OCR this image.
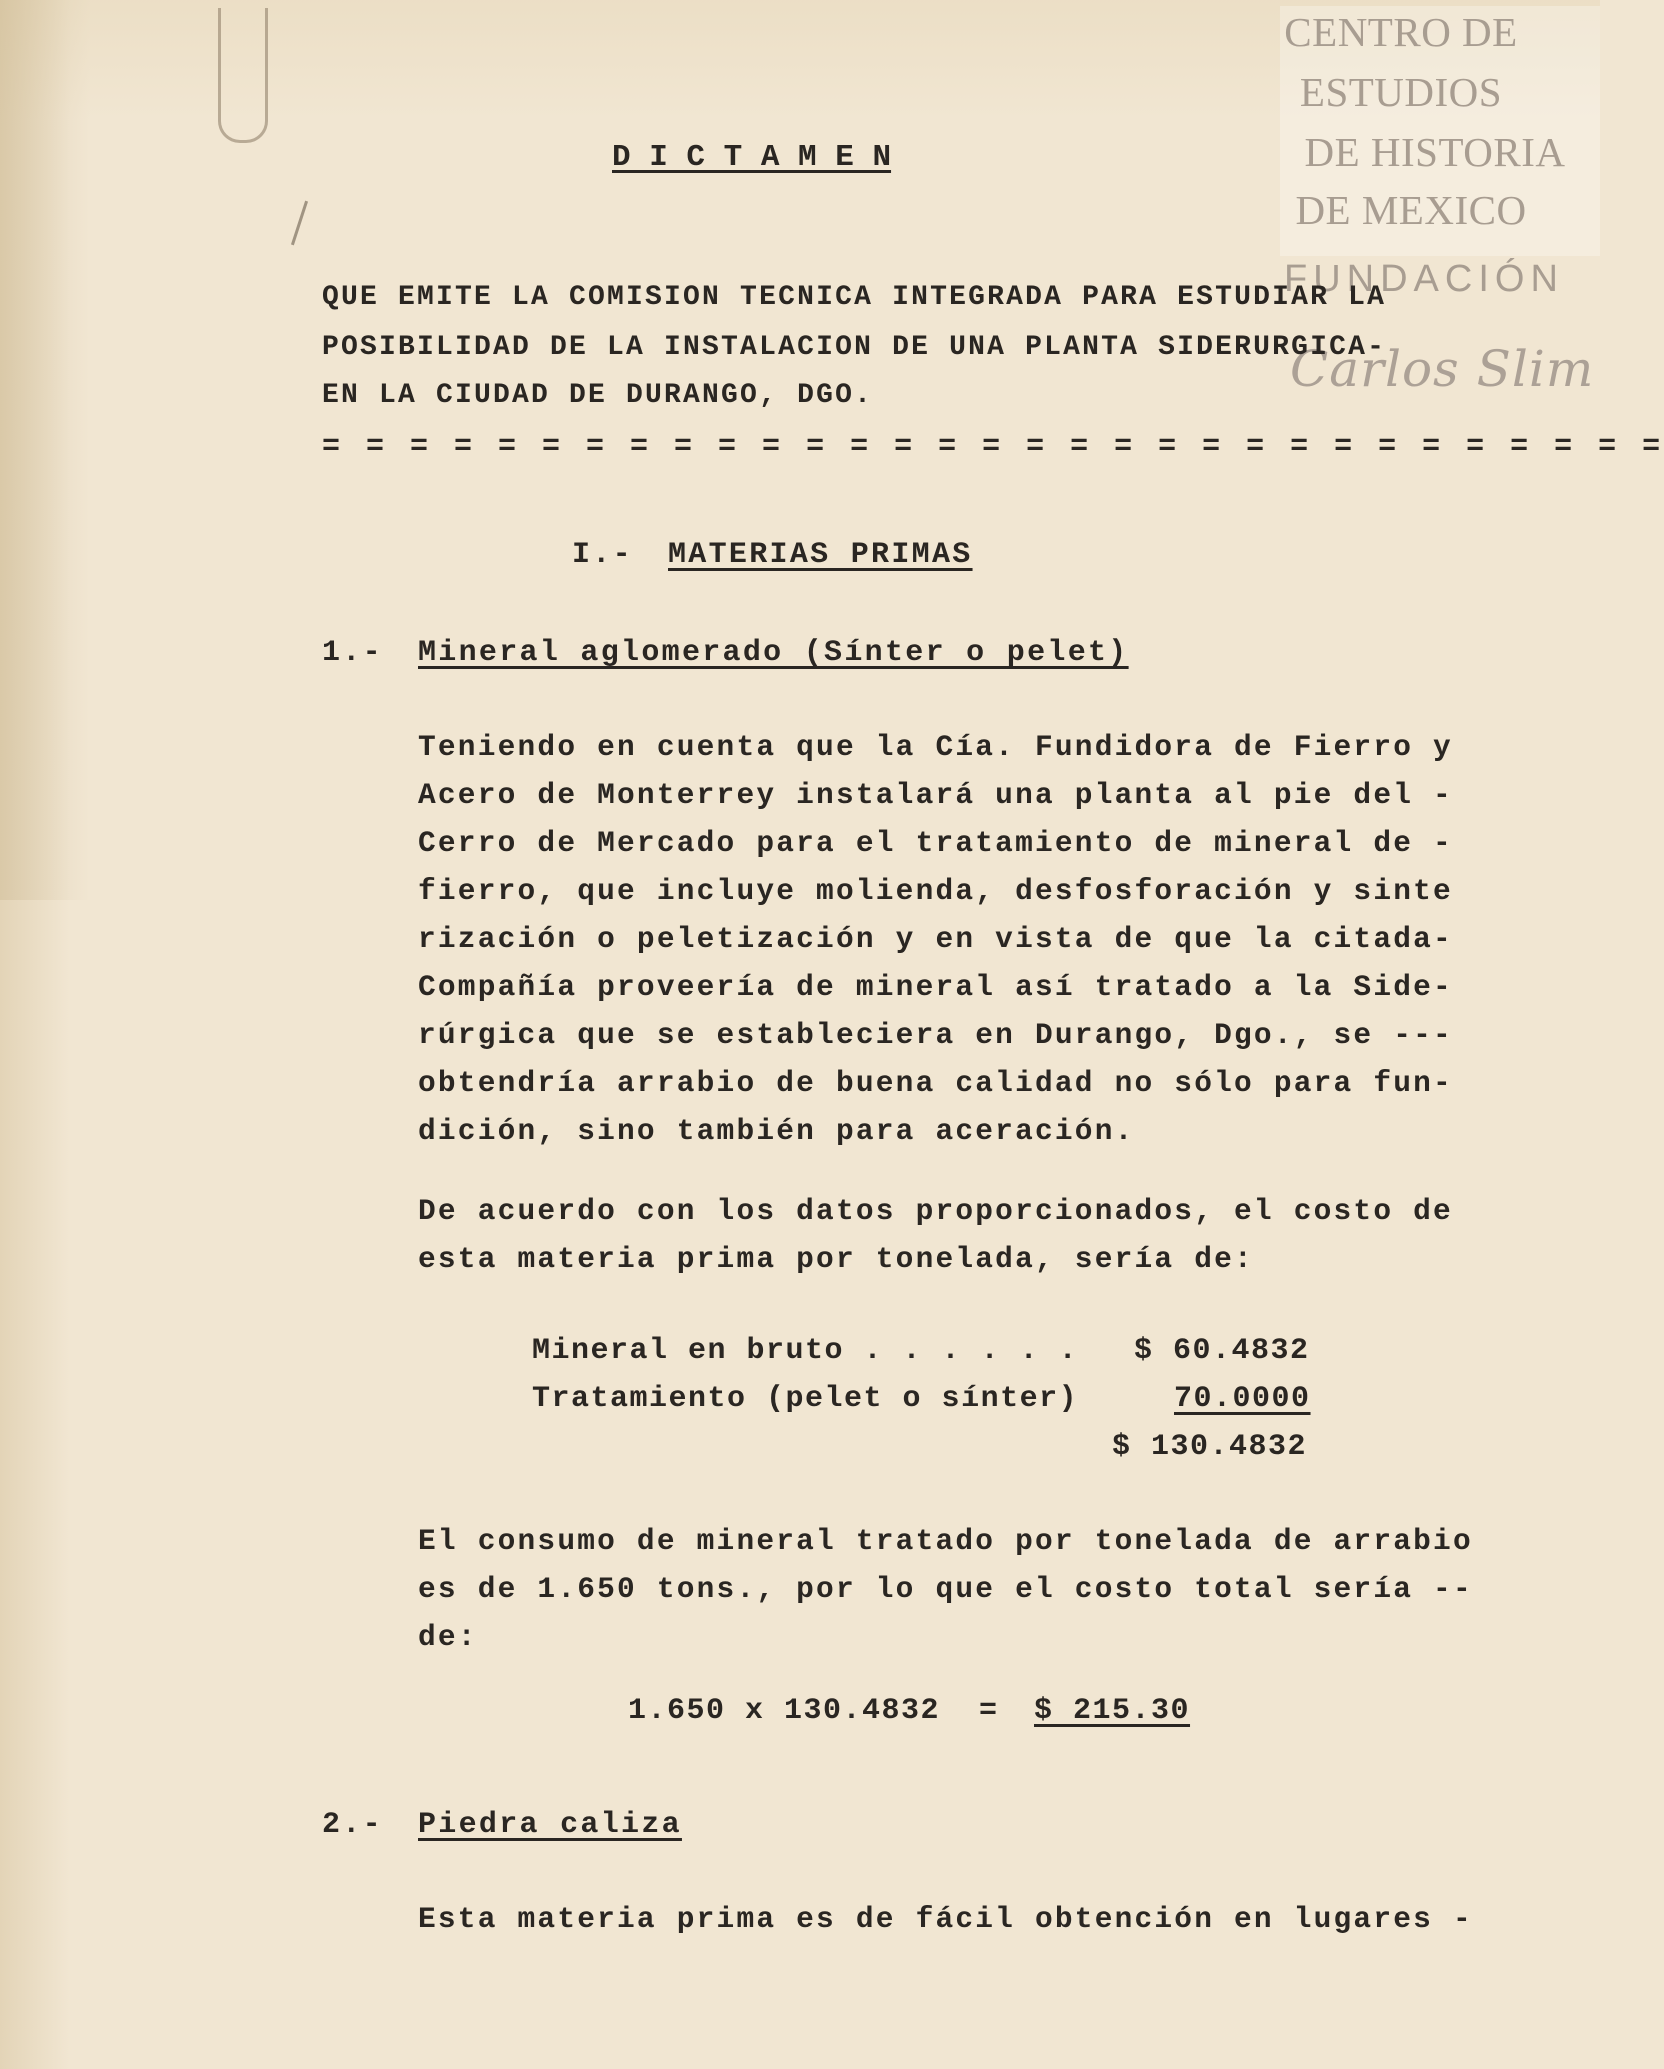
CENTRO DE
ESTUDIOS
DE HISTORIA
DE MEXICO
FUNDACIÓN
Carlos Slim
D I C T A M E N
QUE EMITE LA COMISION TECNICA INTEGRADA PARA ESTUDIAR LA
POSIBILIDAD DE LA INSTALACION DE UNA PLANTA SIDERURGICA-
EN LA CIUDAD DE DURANGO, DGO.
= = = = = = = = = = = = = = = = = = = = = = = = = = = = = = =
I.- MATERIAS PRIMAS
1.- Mineral aglomerado (Sínter o pelet)
Teniendo en cuenta que la Cía. Fundidora de Fierro y
Acero de Monterrey instalará una planta al pie del -
Cerro de Mercado para el tratamiento de mineral de -
fierro, que incluye molienda, desfosforación y sinte
rización o peletización y en vista de que la citada-
Compañía proveería de mineral así tratado a la Side-
rúrgica que se estableciera en Durango, Dgo., se ---
obtendría arrabio de buena calidad no sólo para fun-
dición, sino también para aceración.
De acuerdo con los datos proporcionados, el costo de
esta materia prima por tonelada, sería de:
Mineral en bruto . . . . . . $ 60.4832
Tratamiento (pelet o sínter)	70.0000
$ 130.4832
El consumo de mineral tratado por tonelada de arrabio
es de 1.650 tons., por lo que el costo total sería --
de:
1.650 x 130.4832  = $ 215.30
2.- Piedra caliza
Esta materia prima es de fácil obtención en lugares -
